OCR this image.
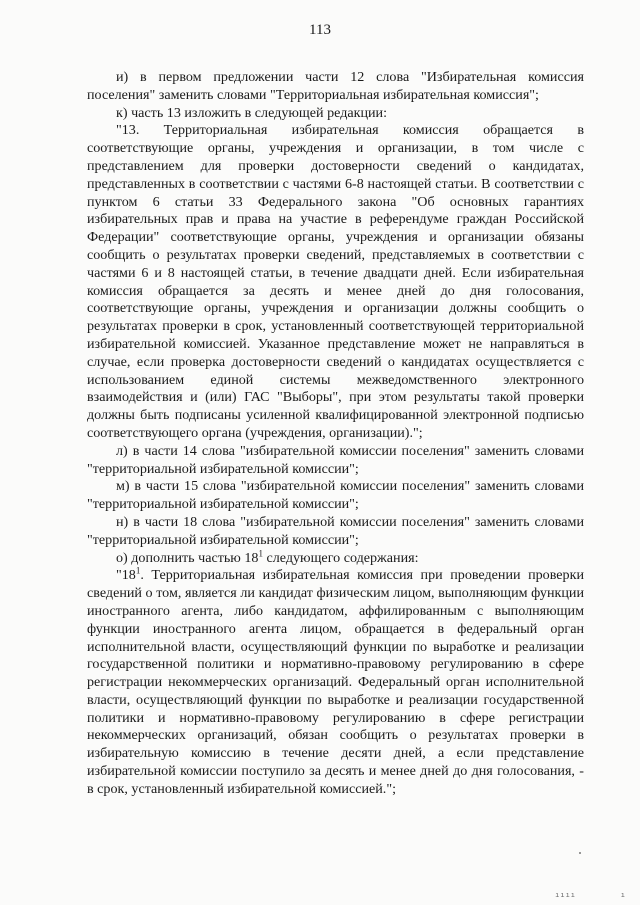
113

и) в первом предложении части 12 слова "Избирательная комиссия поселения" заменить словами "Территориальная избирательная комиссия";

к) часть 13 изложить в следующей редакции:

"13. Территориальная избирательная комиссия обращается в соответствующие органы, учреждения и организации, в том числе с представлением для проверки достоверности сведений о кандидатах, представленных в соответствии с частями 6-8 настоящей статьи. В соответствии с пунктом 6 статьи 33 Федерального закона "Об основных гарантиях избирательных прав и права на участие в референдуме граждан Российской Федерации" соответствующие органы, учреждения и организации обязаны сообщить о результатах проверки сведений, представляемых в соответствии с частями 6 и 8 настоящей статьи, в течение двадцати дней. Если избирательная комиссия обращается за десять и менее дней до дня голосования, соответствующие органы, учреждения и организации должны сообщить о результатах проверки в срок, установленный соответствующей территориальной избирательной комиссией. Указанное представление может не направляться в случае, если проверка достоверности сведений о кандидатах осуществляется с использованием единой системы межведомственного электронного взаимодействия и (или) ГАС "Выборы", при этом результаты такой проверки должны быть подписаны усиленной квалифицированной электронной подписью соответствующего органа (учреждения, организации).";

л) в части 14 слова "избирательной комиссии поселения" заменить словами "территориальной избирательной комиссии";

м) в части 15 слова "избирательной комиссии поселения" заменить словами "территориальной избирательной комиссии";

н) в части 18 слова "избирательной комиссии поселения" заменить словами "территориальной избирательной комиссии";

о) дополнить частью $18^1$ следующего содержания:

"$18^1$. Территориальная избирательная комиссия при проведении проверки сведений о том, является ли кандидат физическим лицом, выполняющим функции иностранного агента, либо кандидатом, аффилированным с выполняющим функции иностранного агента лицом, обращается в федеральный орган исполнительной власти, осуществляющий функции по выработке и реализации государственной политики и нормативно-правовому регулированию в сфере регистрации некоммерческих организаций. Федеральный орган исполнительной власти, осуществляющий функции по выработке и реализации государственной политики и нормативно-правовому регулированию в сфере регистрации некоммерческих организаций, обязан сообщить о результатах проверки в избирательную комиссию в течение десяти дней, а если представление избирательной комиссии поступило за десять и менее дней до дня голосования, - в срок, установленный избирательной комиссией.";

ıııı	ı
